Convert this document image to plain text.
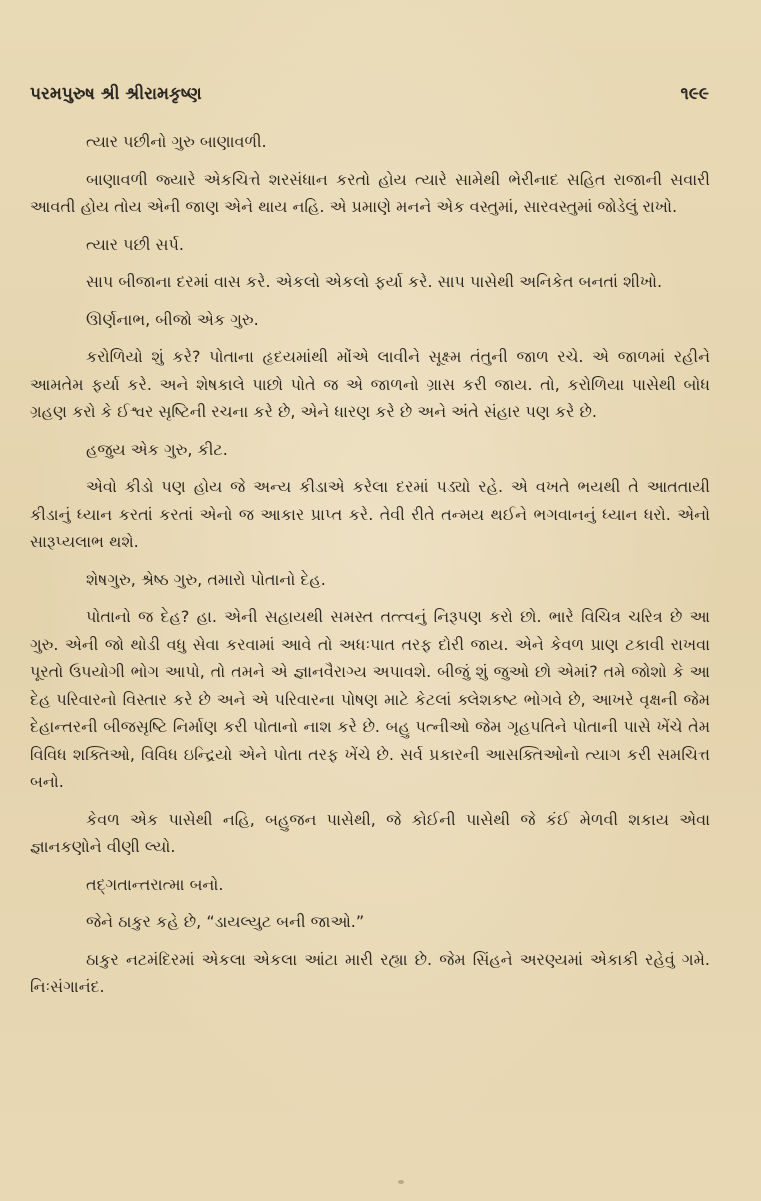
પરમપુરુષ શ્રી શ્રીરામકૃષ્ણ	૧૯૯

ત્યાર પછીનો ગુરુ બાણાવળી.

બાણાવળી જ્યારે એકચિત્તે શરસંધાન કરતો હોય ત્યારે સામેથી ભેરીનાદ સહિત રાજાની સવારી આવતી હોય તોય એની જાણ એને થાય નહિ. એ પ્રમાણે મનને એક વસ્તુમાં, સારવસ્તુમાં જોડેલું રાખો.

ત્યાર પછી સર્પ.

સાપ બીજાના દરમાં વાસ કરે. એકલો એકલો ફર્યા કરે. સાપ પાસેથી અનિકેત બનતાં શીખો.

ઊર્ણનાભ, બીજો એક ગુરુ.

કરોળિયો શું કરે? પોતાના હૃદયમાંથી મોંએ લાવીને સૂક્ષ્મ તંતુની જાળ રચે. એ જાળમાં રહીને આમતેમ ફર્યા કરે. અને શેષકાલે પાછો પોતે જ એ જાળનો ગ્રાસ કરી જાય. તો, કરોળિયા પાસેથી બોધ ગ્રહણ કરો કે ઈશ્વર સૃષ્ટિની રચના કરે છે, એને ધારણ કરે છે અને અંતે સંહાર પણ કરે છે.

હજુય એક ગુરુ, કીટ.

એવો કીડો પણ હોય જે અન્ય કીડાએ કરેલા દરમાં પડ્યો રહે. એ વખતે ભયથી તે આતતાયી કીડાનું ધ્યાન કરતાં કરતાં એનો જ આકાર પ્રાપ્ત કરે. તેવી રીતે તન્મય થઈને ભગવાનનું ધ્યાન ધરો. એનો સારૂપ્યલાભ થશે.

શેષગુરુ, શ્રેષ્ઠ ગુરુ, તમારો પોતાનો દેહ.

પોતાનો જ દેહ? હા. એની સહાયથી સમસ્ત તત્ત્વનું નિરૂપણ કરો છો. ભારે વિચિત્ર ચરિત્ર છે આ ગુરુ. એની જો થોડી વધુ સેવા કરવામાં આવે તો અધઃપાત તરફ દોરી જાય. એને કેવળ પ્રાણ ટકાવી રાખવા પૂરતો ઉપયોગી ભોગ આપો, તો તમને એ જ્ઞાનવૈરાગ્ય અપાવશે. બીજું શું જુઓ છો એમાં? તમે જોશો કે આ દેહ પરિવારનો વિસ્તાર કરે છે અને એ પરિવારના પોષણ માટે કેટલાં ક્લેશકષ્ટ ભોગવે છે, આખરે વૃક્ષની જેમ દેહાન્તરની બીજસૃષ્ટિ નિર્માણ કરી પોતાનો નાશ કરે છે. બહુ પત્નીઓ જેમ ગૃહપતિને પોતાની પાસે ખેંચે તેમ વિવિધ શક્તિઓ, વિવિધ ઇન્દ્રિયો એને પોતા તરફ ખેંચે છે. સર્વ પ્રકારની આસક્તિઓનો ત્યાગ કરી સમચિત્ત બનો.

કેવળ એક પાસેથી નહિ, બહુજન પાસેથી, જે કોઈની પાસેથી જે કંઈ મેળવી શકાય એવા જ્ઞાનકણોને વીણી લ્યો.

તદ્‌ગતાન્તરાત્મા બનો.

જેને ઠાકુર કહે છે, “ડાયલ્યુટ બની જાઓ.”

ઠાકુર નટમંદિરમાં એકલા એકલા આંટા મારી રહ્યા છે. જેમ સિંહને અરણ્યમાં એકાકી રહેવું ગમે. નિઃસંગાનંદ.
